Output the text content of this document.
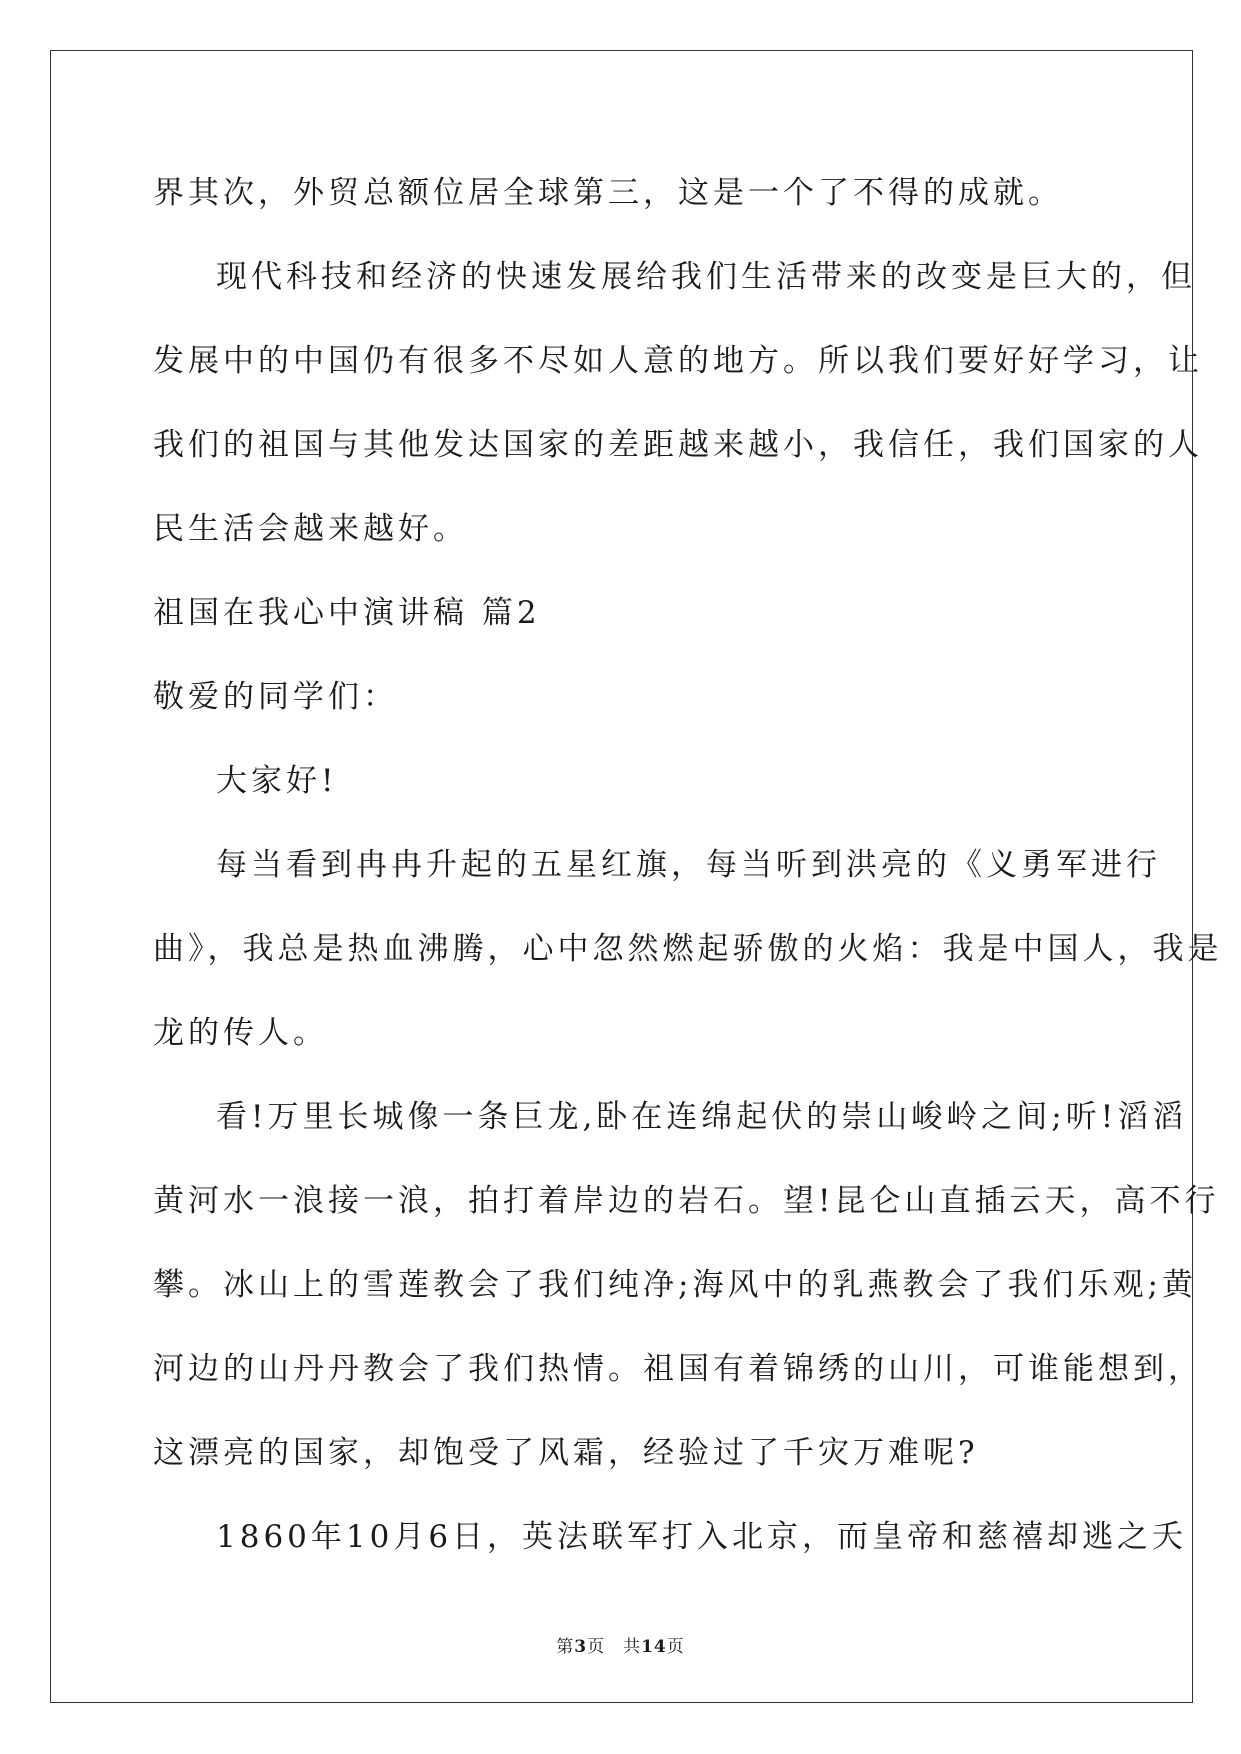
界其次，外贸总额位居全球第三，这是一个了不得的成就。
现代科技和经济的快速发展给我们生活带来的改变是巨大的，但
发展中的中国仍有很多不尽如人意的地方。所以我们要好好学习，让
我们的祖国与其他发达国家的差距越来越小，我信任，我们国家的人
民生活会越来越好。
祖国在我心中演讲稿 篇2
敬爱的同学们：
大家好!
每当看到冉冉升起的五星红旗，每当听到洪亮的《义勇军进行
曲》，我总是热血沸腾，心中忽然燃起骄傲的火焰：我是中国人，我是
龙的传人。
看!万里长城像一条巨龙,卧在连绵起伏的崇山峻岭之间;听!滔滔
黄河水一浪接一浪，拍打着岸边的岩石。望!昆仑山直插云天，高不行
攀。冰山上的雪莲教会了我们纯净;海风中的乳燕教会了我们乐观;黄
河边的山丹丹教会了我们热情。祖国有着锦绣的山川，可谁能想到，
这漂亮的国家，却饱受了风霜，经验过了千灾万难呢?
1860年10月6日，英法联军打入北京，而皇帝和慈禧却逃之夭
第3页　共14页
